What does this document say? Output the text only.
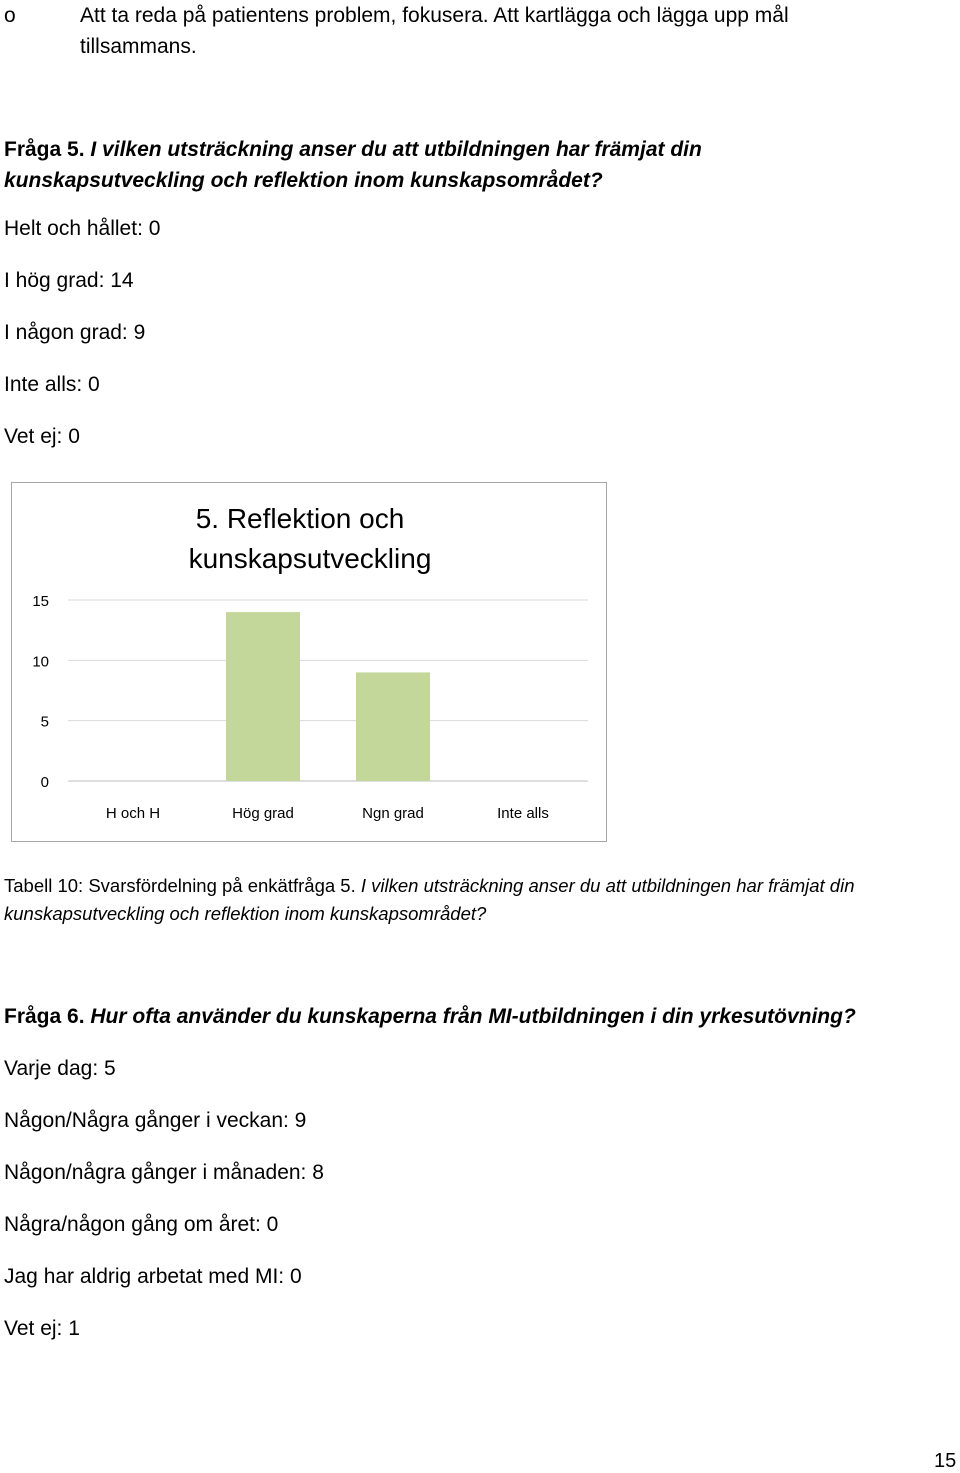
o	Att ta reda på patientens problem, fokusera. Att kartlägga och lägga upp mål
tillsammans.
Fråga 5. I vilken utsträckning anser du att utbildningen har främjat din
kunskapsutveckling och reflektion inom kunskapsområdet?
Helt och hållet: 0
I hög grad: 14
I någon grad: 9
Inte alls: 0
Vet ej: 0
0
5
10
15
H och H	Hög grad	Ngn grad	Inte alls
5. Reflektion och
kunskapsutveckling
Tabell 10: Svarsfördelning på enkätfråga 5. I vilken utsträckning anser du att utbildningen har främjat din kunskapsutveckling och reflektion inom kunskapsområdet?
Fråga 6. Hur ofta använder du kunskaperna från MI-utbildningen i din yrkesutövning?
Varje dag: 5
Någon/Några gånger i veckan: 9
Någon/några gånger i månaden: 8
Några/någon gång om året: 0
Jag har aldrig arbetat med MI: 0
Vet ej: 1
15
